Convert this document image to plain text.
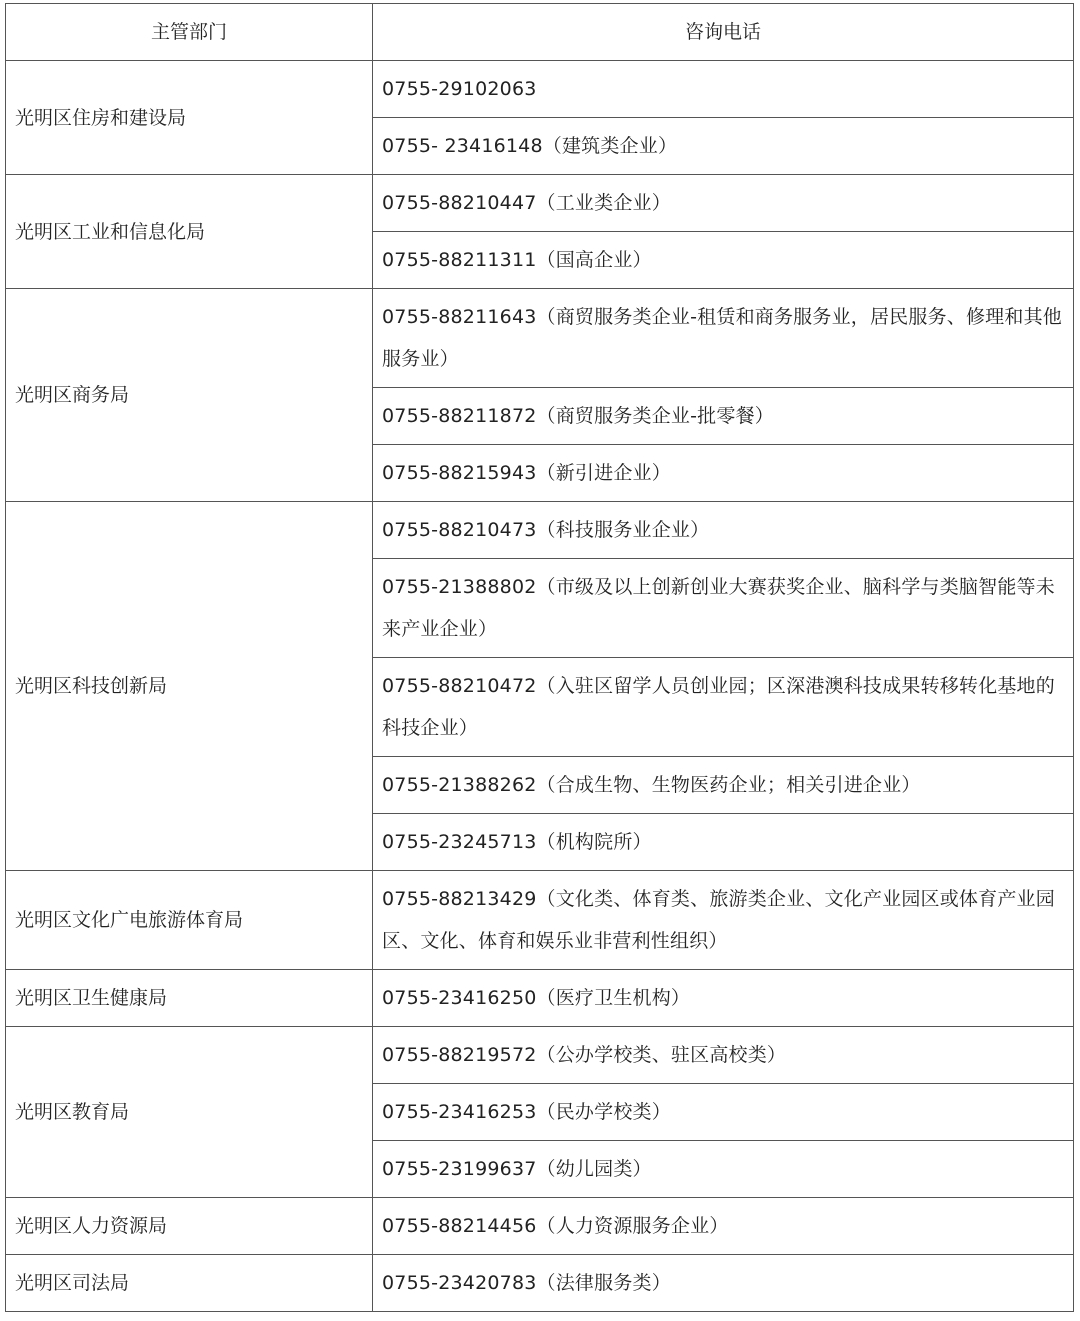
主管部门	咨询电话
光明区住房和建设局	0755-29102063
	0755- 23416148（建筑类企业）
光明区工业和信息化局	0755-88210447（工业类企业）
	0755-88211311（国高企业）
光明区商务局	0755-88211643（商贸服务类企业-租赁和商务服务业，居民服务、修理和其他服务业）
	0755-88211872（商贸服务类企业-批零餐）
	0755-88215943（新引进企业）
光明区科技创新局	0755-88210473（科技服务业企业）
	0755-21388802（市级及以上创新创业大赛获奖企业、脑科学与类脑智能等未来产业企业）
	0755-88210472（入驻区留学人员创业园；区深港澳科技成果转移转化基地的科技企业）
	0755-21388262（合成生物、生物医药企业；相关引进企业）
	0755-23245713（机构院所）
光明区文化广电旅游体育局	0755-88213429（文化类、体育类、旅游类企业、文化产业园区或体育产业园区、文化、体育和娱乐业非营利性组织）
光明区卫生健康局	0755-23416250（医疗卫生机构）
光明区教育局	0755-88219572（公办学校类、驻区高校类）
	0755-23416253（民办学校类）
	0755-23199637（幼儿园类）
光明区人力资源局	0755-88214456（人力资源服务企业）
光明区司法局	0755-23420783（法律服务类）
